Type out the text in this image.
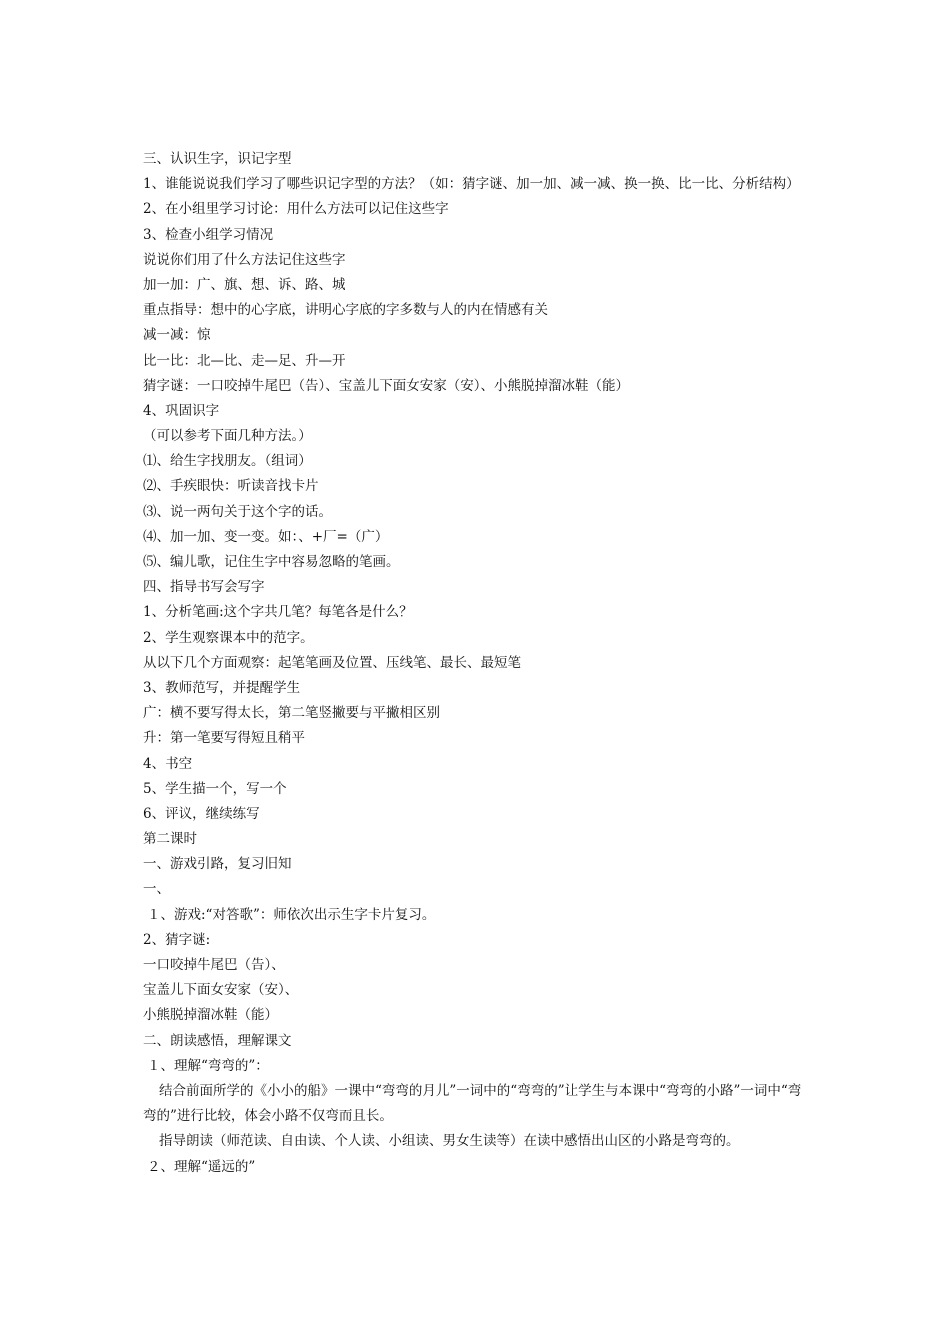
三、认识生字，识记字型
1、谁能说说我们学习了哪些识记字型的方法？（如：猜字谜、加一加、减一减、换一换、比一比、分析结构）
2、在小组里学习讨论：用什么方法可以记住这些字
3、检查小组学习情况
说说你们用了什么方法记住这些字
加一加：广、旗、想、诉、路、城
重点指导：想中的心字底，讲明心字底的字多数与人的内在情感有关
减一减：惊
比一比：北—比、走—足、升—开
猜字谜：一口咬掉牛尾巴（告）、宝盖儿下面女安家（安）、小熊脱掉溜冰鞋（能）
4、巩固识字
（可以参考下面几种方法。）
⑴、给生字找朋友。（组词）
⑵、手疾眼快：听读音找卡片
⑶、说一两句关于这个字的话。
⑷、加一加、变一变。如：、+厂=（广）
⑸、编儿歌，记住生字中容易忽略的笔画。
四、指导书写会写字
1、分析笔画:这个字共几笔？每笔各是什么？
2、学生观察课本中的范字。
从以下几个方面观察：起笔笔画及位置、压线笔、最长、最短笔
3、教师范写，并提醒学生
广：横不要写得太长，第二笔竖撇要与平撇相区别
升：第一笔要写得短且稍平
4、书空
5、学生描一个，写一个
6、评议，继续练写
第二课时
一、游戏引路，复习旧知
一、
１、游戏:“对答歌”：师依次出示生字卡片复习。
2、猜字谜:
一口咬掉牛尾巴（告）、
宝盖儿下面女安家（安）、
小熊脱掉溜冰鞋（能）
二、朗读感悟，理解课文
１、理解“弯弯的”：
结合前面所学的《小小的船》一课中“弯弯的月儿”一词中的“弯弯的”让学生与本课中“弯弯的小路”一词中“弯弯的”进行比较，体会小路不仅弯而且长。
指导朗读（师范读、自由读、个人读、小组读、男女生读等）在读中感悟出山区的小路是弯弯的。
２、理解“遥远的”
